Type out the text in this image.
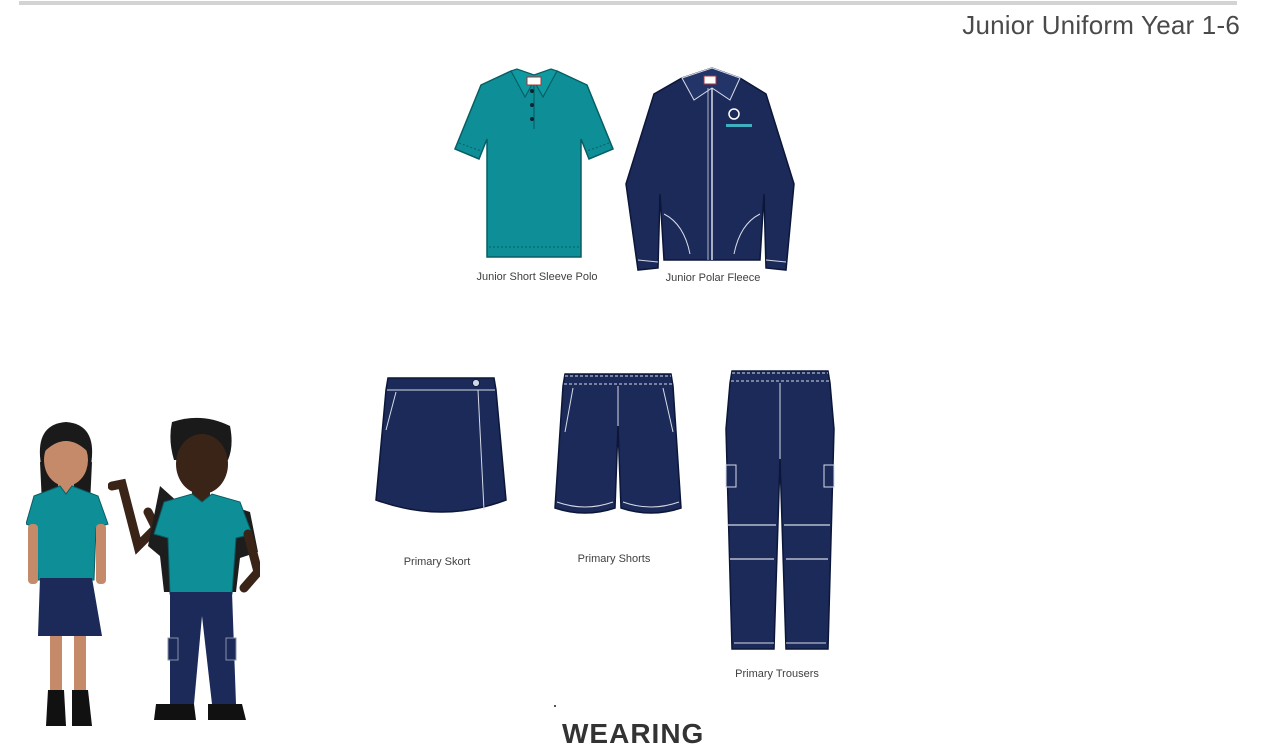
Junior Uniform Year 1-6
Junior Short Sleeve Polo	Junior Polar Fleece
Primary Skort	Primary Shorts
Primary Trousers
WEARING
